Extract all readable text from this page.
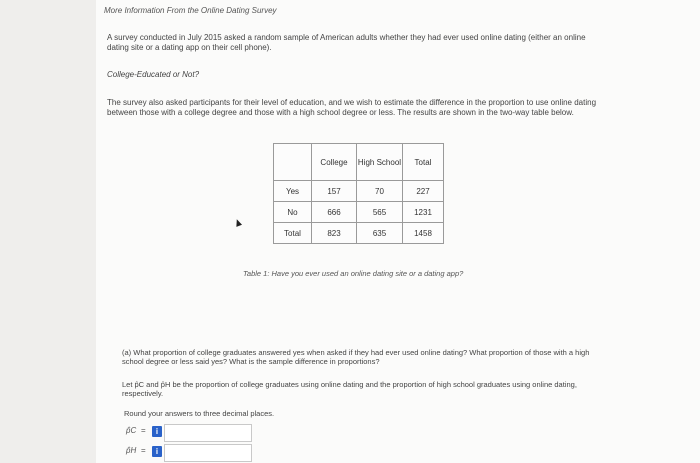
More Information From the Online Dating Survey
A survey conducted in July 2015 asked a random sample of American adults whether they had ever used online dating (either an online dating site or a dating app on their cell phone).
College-Educated or Not?
The survey also asked participants for their level of education, and we wish to estimate the difference in the proportion to use online dating between those with a college degree and those with a high school degree or less. The results are shown in the two-way table below.
	College	High School	Total
Yes	157	70	227
No	666	565	1231
Total	823	635	1458
Table 1: Have you ever used an online dating site or a dating app?
(a) What proportion of college graduates answered yes when asked if they had ever used online dating? What proportion of those with a high school degree or less said yes? What is the sample difference in proportions?
Let p̂C and p̂H be the proportion of college graduates using online dating and the proportion of high school graduates using online dating, respectively.
Round your answers to three decimal places.
p̂C =	i
p̂H =	i
